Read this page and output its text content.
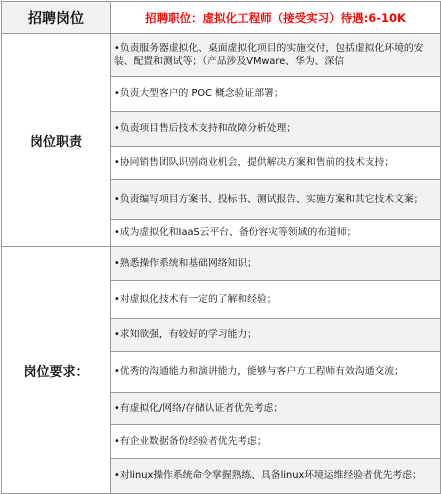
招聘岗位	招聘职位：虚拟化工程师（接受实习）待遇:6-10K
岗位职责	•负责服务器虚拟化、桌面虚拟化项目的实施交付，包括虚拟化环境的安装、配置和测试等；（产品涉及VMware、华为、深信

	•负责大型客户的 POC 概念验证部署；

	•负责项目售后技术支持和故障分析处理；

	•协同销售团队识别商业机会，提供解决方案和售前的技术支持；

	•负责编写项目方案书、投标书、测试报告、实施方案和其它技术文案；

	•成为虚拟化和IaaS云平台、备份容灾等领域的布道师；

岗位要求：	•熟悉操作系统和基础网络知识；

	•对虚拟化技术有一定的了解和经验；

	•求知欲强，有较好的学习能力；

	•优秀的沟通能力和演讲能力，能够与客户方工程师有效沟通交流；

	•有虚拟化/网络/存储认证者优先考虑；

	•有企业数据备份经验者优先考虑；

	•对linux操作系统命令掌握熟练、具备linux环境运维经验者优先考虑；
